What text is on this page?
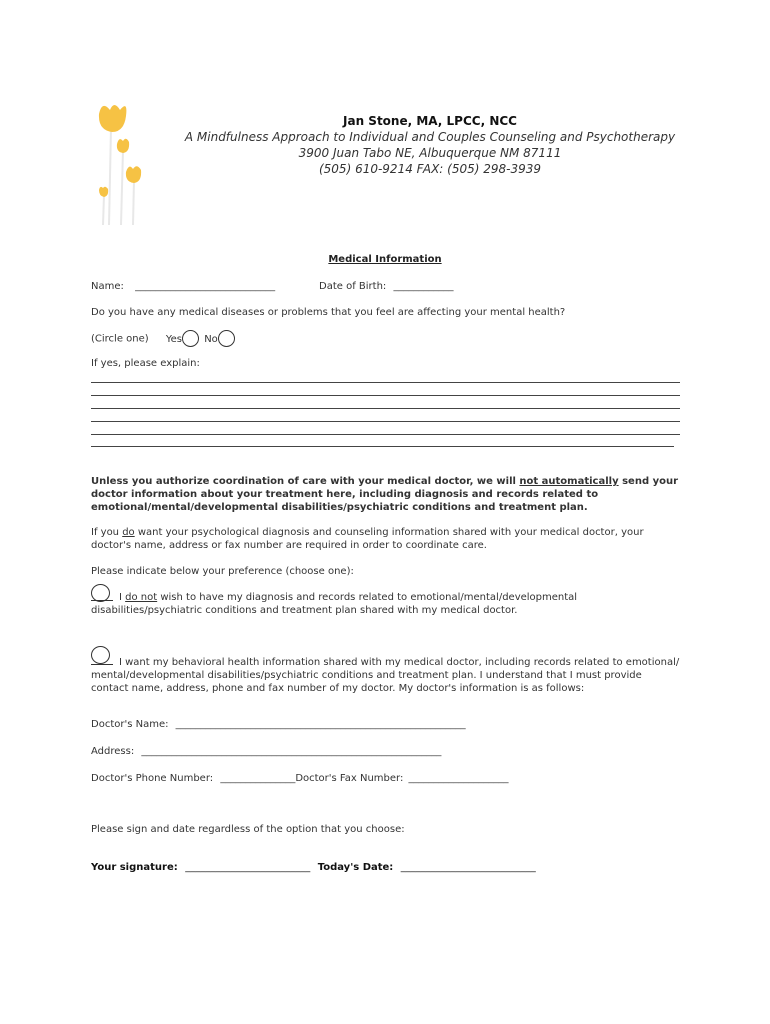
Jan Stone, MA, LPCC, NCC
A Mindfulness Approach to Individual and Couples Counseling and Psychotherapy
3900 Juan Tabo NE, Albuquerque NM 87111
(505) 610-9214 FAX: (505) 298-3939
Medical Information
Name: ____________________________	Date of Birth: ____________
Do you have any medical diseases or problems that you feel are affecting your mental health?
(Circle one) Yes No
If yes, please explain:
Unless you authorize coordination of care with your medical doctor, we will not automatically send your doctor information about your treatment here, including diagnosis and records related to emotional/mental/developmental disabilities/psychiatric conditions and treatment plan.
If you do want your psychological diagnosis and counseling information shared with your medical doctor, your doctor's name, address or fax number are required in order to coordinate care.
Please indicate below your preference (choose one):
I do not wish to have my diagnosis and records related to emotional/mental/developmental disabilities/psychiatric conditions and treatment plan shared with my medical doctor.
I want my behavioral health information shared with my medical doctor, including records related to emotional/ mental/developmental disabilities/psychiatric conditions and treatment plan. I understand that I must provide contact name, address, phone and fax number of my doctor. My doctor's information is as follows:
Doctor's Name: __________________________________________________________
Address: ____________________________________________________________
Doctor's Phone Number: _______________Doctor's Fax Number: ____________________
Please sign and date regardless of the option that you choose:
Your signature: _________________________ Today's Date: ___________________________
